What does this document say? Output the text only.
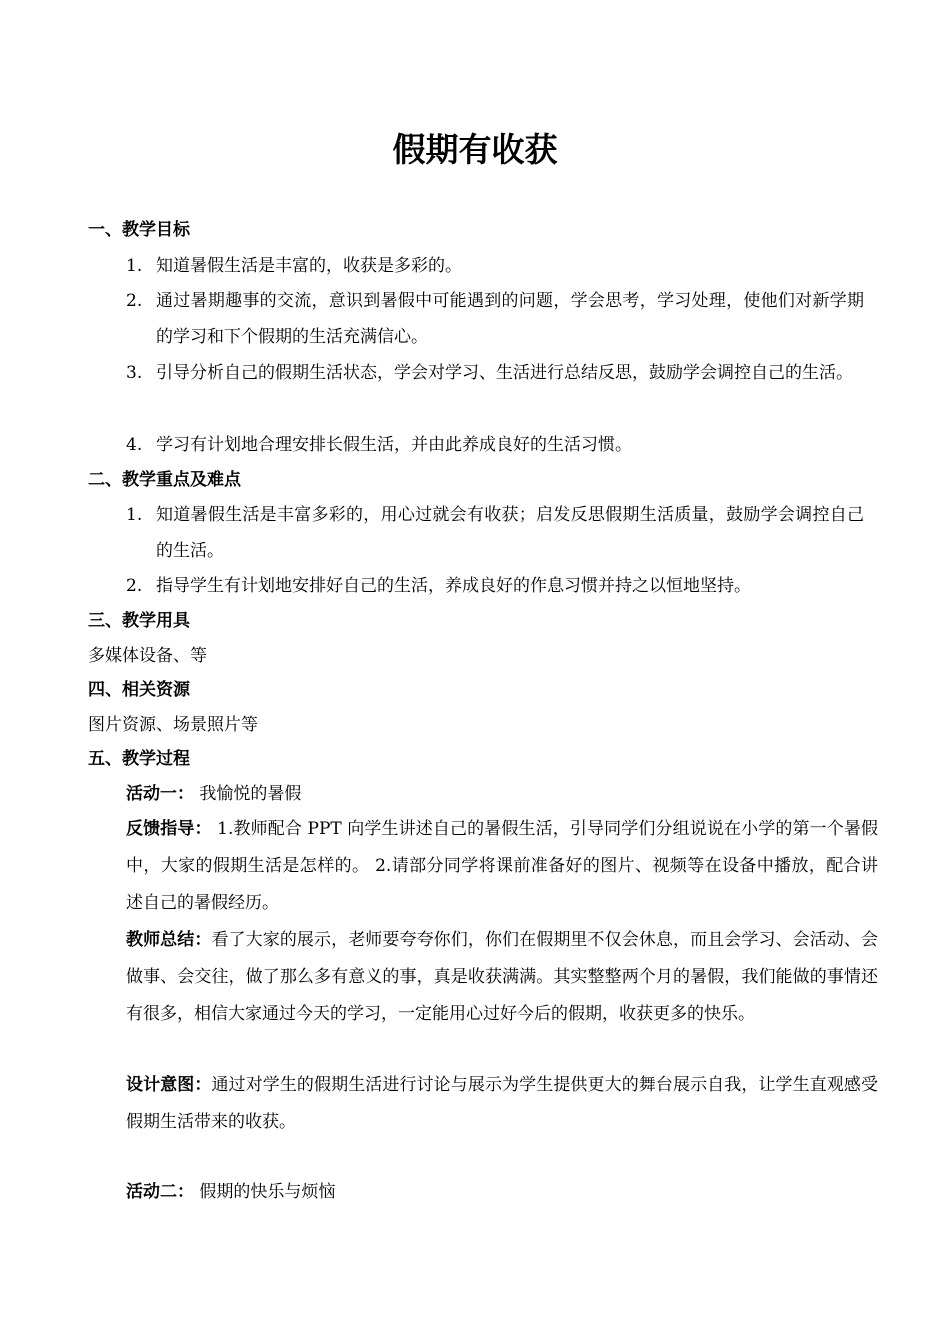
假期有收获
一、教学目标
1. 知道暑假生活是丰富的，收获是多彩的。
2. 通过暑期趣事的交流，意识到暑假中可能遇到的问题，学会思考，学习处理，使他们对新学期的学习和下个假期的生活充满信心。
3. 引导分析自己的假期生活状态，学会对学习、生活进行总结反思，鼓励学会调控自己的生活。
4. 学习有计划地合理安排长假生活，并由此养成良好的生活习惯。
二、教学重点及难点
1. 知道暑假生活是丰富多彩的，用心过就会有收获；启发反思假期生活质量，鼓励学会调控自己的生活。
2. 指导学生有计划地安排好自己的生活，养成良好的作息习惯并持之以恒地坚持。
三、教学用具
多媒体设备、等
四、相关资源
图片资源、场景照片等
五、教学过程
活动一： 我愉悦的暑假
反馈指导： 1.教师配合 PPT 向学生讲述自己的暑假生活，引导同学们分组说说在小学的第一个暑假中，大家的假期生活是怎样的。 2.请部分同学将课前准备好的图片、视频等在设备中播放，配合讲述自己的暑假经历。
教师总结：看了大家的展示，老师要夸夸你们，你们在假期里不仅会休息，而且会学习、会活动、会做事、会交往，做了那么多有意义的事，真是收获满满。其实整整两个月的暑假，我们能做的事情还有很多，相信大家通过今天的学习，一定能用心过好今后的假期，收获更多的快乐。
设计意图：通过对学生的假期生活进行讨论与展示为学生提供更大的舞台展示自我，让学生直观感受假期生活带来的收获。
活动二： 假期的快乐与烦恼
